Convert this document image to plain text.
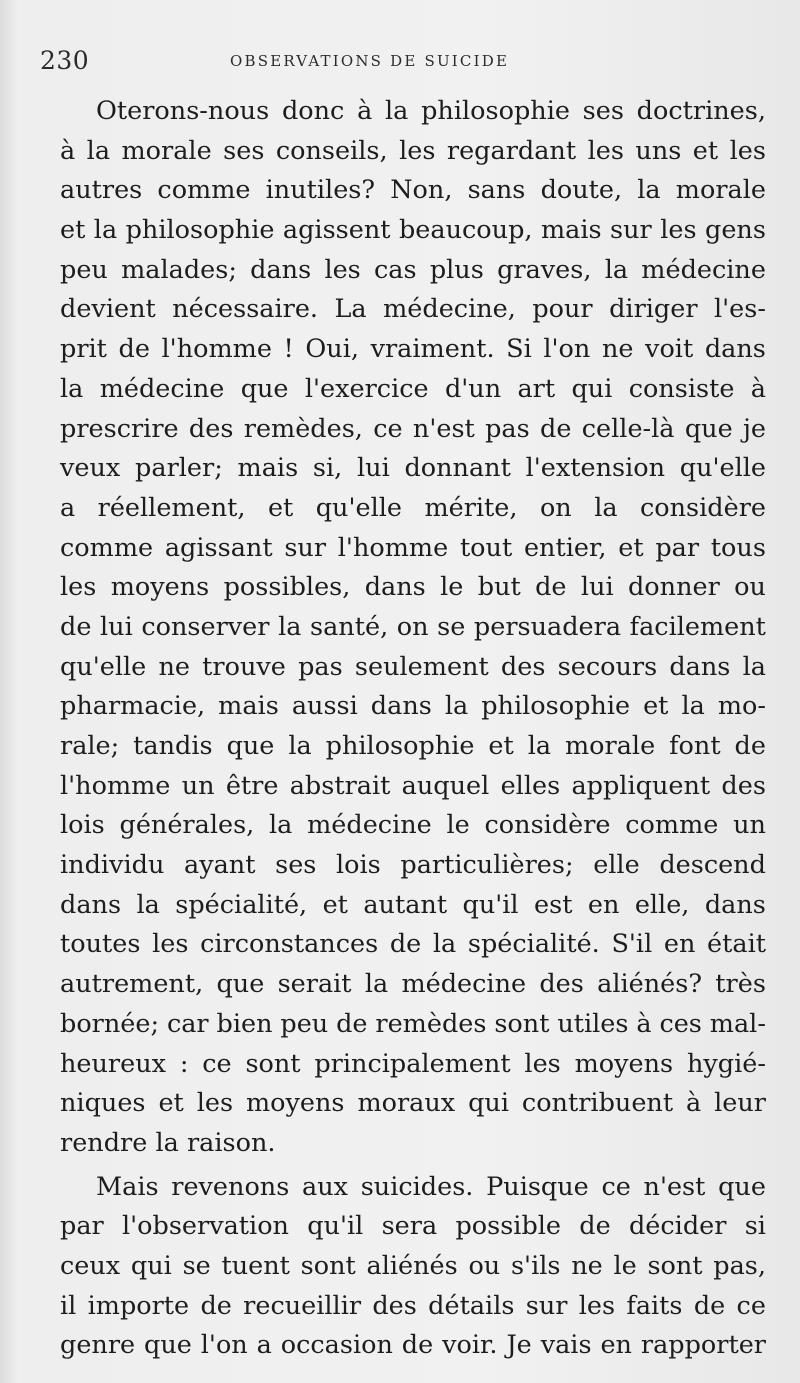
230	OBSERVATIONS DE SUICIDE
Oterons-nous donc à la philosophie ses doctrines,
à la morale ses conseils, les regardant les uns et les
autres comme inutiles? Non, sans doute, la morale
et la philosophie agissent beaucoup, mais sur les gens
peu malades; dans les cas plus graves, la médecine
devient nécessaire. La médecine, pour diriger l'es-
prit de l'homme ! Oui, vraiment. Si l'on ne voit dans
la médecine que l'exercice d'un art qui consiste à
prescrire des remèdes, ce n'est pas de celle-là que je
veux parler; mais si, lui donnant l'extension qu'elle
a réellement, et qu'elle mérite, on la considère
comme agissant sur l'homme tout entier, et par tous
les moyens possibles, dans le but de lui donner ou
de lui conserver la santé, on se persuadera facilement
qu'elle ne trouve pas seulement des secours dans la
pharmacie, mais aussi dans la philosophie et la mo-
rale; tandis que la philosophie et la morale font de
l'homme un être abstrait auquel elles appliquent des
lois générales, la médecine le considère comme un
individu ayant ses lois particulières; elle descend
dans la spécialité, et autant qu'il est en elle, dans
toutes les circonstances de la spécialité. S'il en était
autrement, que serait la médecine des aliénés? très
bornée; car bien peu de remèdes sont utiles à ces mal-
heureux : ce sont principalement les moyens hygié-
niques et les moyens moraux qui contribuent à leur
rendre la raison.
Mais revenons aux suicides. Puisque ce n'est que
par l'observation qu'il sera possible de décider si
ceux qui se tuent sont aliénés ou s'ils ne le sont pas,
il importe de recueillir des détails sur les faits de ce
genre que l'on a occasion de voir. Je vais en rapporter
